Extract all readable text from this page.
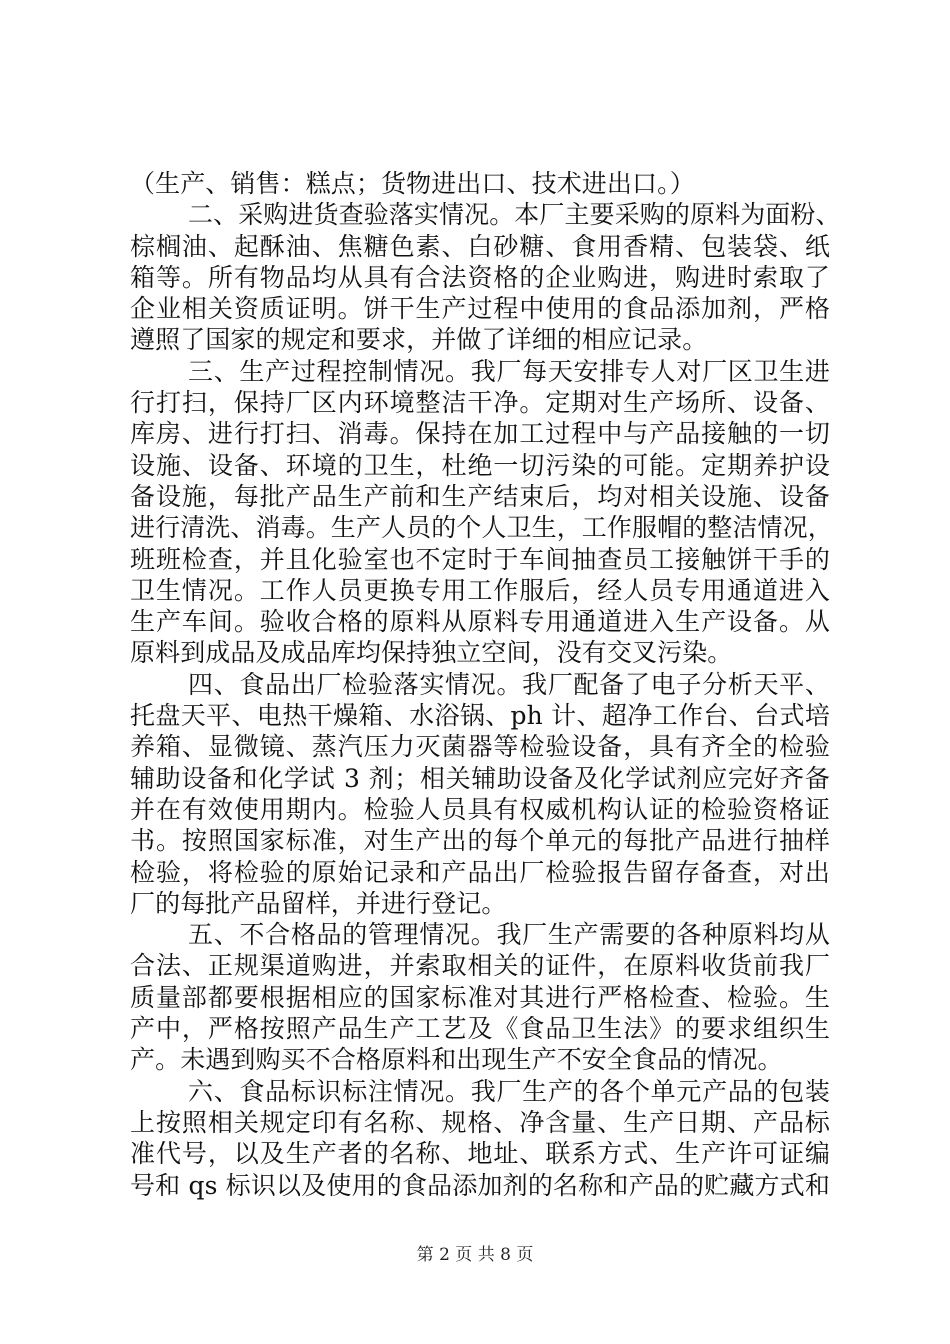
（生产、销售：糕点；货物进出口、技术进出口。）
二、采购进货查验落实情况。本厂主要采购的原料为面粉、
棕榈油、起酥油、焦糖色素、白砂糖、食用香精、包装袋、纸
箱等。所有物品均从具有合法资格的企业购进，购进时索取了
企业相关资质证明。饼干生产过程中使用的食品添加剂，严格
遵照了国家的规定和要求，并做了详细的相应记录。
三、生产过程控制情况。我厂每天安排专人对厂区卫生进
行打扫，保持厂区内环境整洁干净。定期对生产场所、设备、
库房、进行打扫、消毒。保持在加工过程中与产品接触的一切
设施、设备、环境的卫生，杜绝一切污染的可能。定期养护设
备设施，每批产品生产前和生产结束后，均对相关设施、设备
进行清洗、消毒。生产人员的个人卫生，工作服帽的整洁情况，
班班检查，并且化验室也不定时于车间抽查员工接触饼干手的
卫生情况。工作人员更换专用工作服后，经人员专用通道进入
生产车间。验收合格的原料从原料专用通道进入生产设备。从
原料到成品及成品库均保持独立空间，没有交叉污染。
四、食品出厂检验落实情况。我厂配备了电子分析天平、
托盘天平、电热干燥箱、水浴锅、ph 计、超净工作台、台式培
养箱、显微镜、蒸汽压力灭菌器等检验设备，具有齐全的检验
辅助设备和化学试 3 剂；相关辅助设备及化学试剂应完好齐备
并在有效使用期内。检验人员具有权威机构认证的检验资格证
书。按照国家标准，对生产出的每个单元的每批产品进行抽样
检验，将检验的原始记录和产品出厂检验报告留存备查，对出
厂的每批产品留样，并进行登记。
五、不合格品的管理情况。我厂生产需要的各种原料均从
合法、正规渠道购进，并索取相关的证件，在原料收货前我厂
质量部都要根据相应的国家标准对其进行严格检查、检验。生
产中，严格按照产品生产工艺及《食品卫生法》的要求组织生
产。未遇到购买不合格原料和出现生产不安全食品的情况。
六、食品标识标注情况。我厂生产的各个单元产品的包装
上按照相关规定印有名称、规格、净含量、生产日期、产品标
准代号，以及生产者的名称、地址、联系方式、生产许可证编
号和 qs 标识以及使用的食品添加剂的名称和产品的贮藏方式和
第 2 页 共 8 页
